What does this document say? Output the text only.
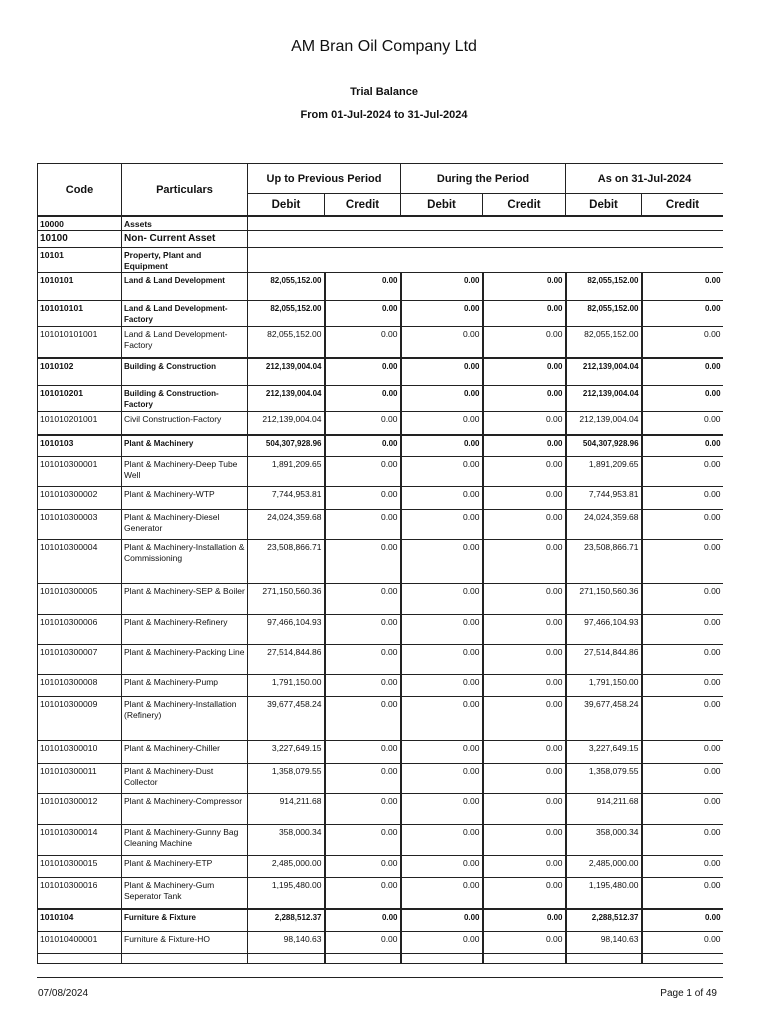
AM Bran Oil Company Ltd
Trial Balance
From 01-Jul-2024 to 31-Jul-2024
Code	Particulars	Up to Previous Period		During the Period		As on 31-Jul-2024	
		Debit	Credit	Debit	Credit	Debit	Credit
10000	Assets						
10100	Non- Current Asset						
10101	Property, Plant and Equipment						
1010101	Land & Land Development	82,055,152.00	0.00	0.00	0.00	82,055,152.00	0.00
101010101	Land & Land Development-Factory	82,055,152.00	0.00	0.00	0.00	82,055,152.00	0.00
101010101001	Land & Land Development-Factory	82,055,152.00	0.00	0.00	0.00	82,055,152.00	0.00
1010102	Building & Construction	212,139,004.04	0.00	0.00	0.00	212,139,004.04	0.00
101010201	Building & Construction-Factory	212,139,004.04	0.00	0.00	0.00	212,139,004.04	0.00
101010201001	Civil Construction-Factory	212,139,004.04	0.00	0.00	0.00	212,139,004.04	0.00
1010103	Plant & Machinery	504,307,928.96	0.00	0.00	0.00	504,307,928.96	0.00
101010300001	Plant & Machinery-Deep Tube Well	1,891,209.65	0.00	0.00	0.00	1,891,209.65	0.00
101010300002	Plant & Machinery-WTP	7,744,953.81	0.00	0.00	0.00	7,744,953.81	0.00
101010300003	Plant & Machinery-Diesel Generator	24,024,359.68	0.00	0.00	0.00	24,024,359.68	0.00
101010300004	Plant & Machinery-Installation & Commissioning	23,508,866.71	0.00	0.00	0.00	23,508,866.71	0.00
101010300005	Plant & Machinery-SEP & Boiler	271,150,560.36	0.00	0.00	0.00	271,150,560.36	0.00
101010300006	Plant & Machinery-Refinery	97,466,104.93	0.00	0.00	0.00	97,466,104.93	0.00
101010300007	Plant & Machinery-Packing Line	27,514,844.86	0.00	0.00	0.00	27,514,844.86	0.00
101010300008	Plant & Machinery-Pump	1,791,150.00	0.00	0.00	0.00	1,791,150.00	0.00
101010300009	Plant & Machinery-Installation (Refinery)	39,677,458.24	0.00	0.00	0.00	39,677,458.24	0.00
101010300010	Plant & Machinery-Chiller	3,227,649.15	0.00	0.00	0.00	3,227,649.15	0.00
101010300011	Plant & Machinery-Dust Collector	1,358,079.55	0.00	0.00	0.00	1,358,079.55	0.00
101010300012	Plant & Machinery-Compressor	914,211.68	0.00	0.00	0.00	914,211.68	0.00
101010300014	Plant & Machinery-Gunny Bag Cleaning Machine	358,000.34	0.00	0.00	0.00	358,000.34	0.00
101010300015	Plant & Machinery-ETP	2,485,000.00	0.00	0.00	0.00	2,485,000.00	0.00
101010300016	Plant & Machinery-Gum Seperator Tank	1,195,480.00	0.00	0.00	0.00	1,195,480.00	0.00
1010104	Furniture & Fixture	2,288,512.37	0.00	0.00	0.00	2,288,512.37	0.00
101010400001	Furniture & Fixture-HO	98,140.63	0.00	0.00	0.00	98,140.63	0.00

07/08/2024	Page 1 of 49
